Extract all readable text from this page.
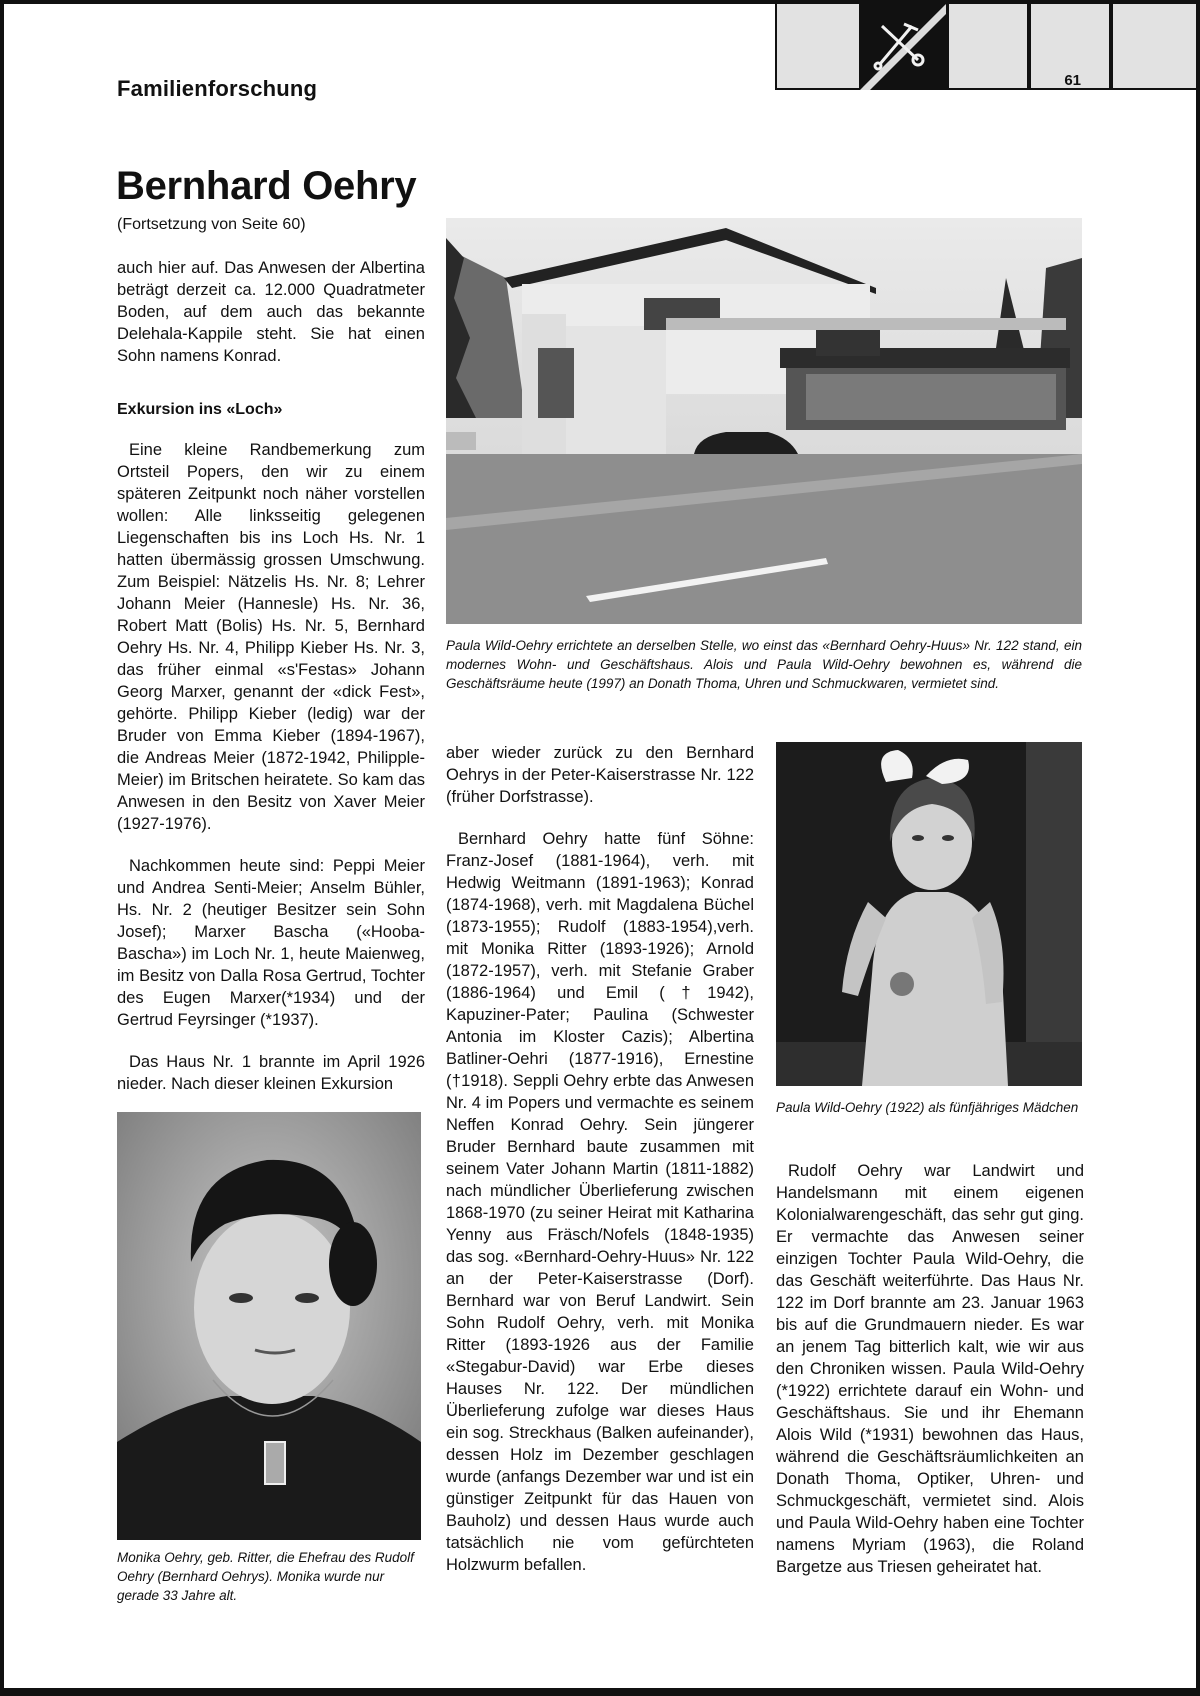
Familienforschung	61
Bernhard Oehry
(Fortsetzung von Seite 60)

auch hier auf. Das Anwesen der Albertina beträgt derzeit ca. 12.000 Quadratmeter Boden, auf dem auch das bekannte Delehala-Kappile steht. Sie hat einen Sohn namens Konrad.

Exkursion ins «Loch»

Eine kleine Randbemerkung zum Ortsteil Popers, den wir zu einem späteren Zeitpunkt noch näher vorstellen wollen: Alle linksseitig gelegenen Liegenschaften bis ins Loch Hs. Nr. 1 hatten übermässig grossen Umschwung. Zum Beispiel: Nätzelis Hs. Nr. 8; Lehrer Johann Meier (Hannesle) Hs. Nr. 36, Robert Matt (Bolis) Hs. Nr. 5, Bernhard Oehry Hs. Nr. 4, Philipp Kieber Hs. Nr. 3, das früher einmal «s'Festas» Johann Georg Marxer, genannt der «dick Fest», gehörte. Philipp Kieber (ledig) war der Bruder von Emma Kieber (1894-1967), die Andreas Meier (1872-1942, Philipple-Meier) im Britschen heiratete. So kam das Anwesen in den Besitz von Xaver Meier (1927-1976).

Nachkommen heute sind: Peppi Meier und Andrea Senti-Meier; Anselm Bühler, Hs. Nr. 2 (heutiger Besitzer sein Sohn Josef); Marxer Bascha («Hooba-Bascha») im Loch Nr. 1, heute Maienweg, im Besitz von Dalla Rosa Gertrud, Tochter des Eugen Marxer(*1934) und der Gertrud Feyrsinger (*1937).

Das Haus Nr. 1 brannte im April 1926 nieder. Nach dieser kleinen Exkursion

Monika Oehry, geb. Ritter, die Ehefrau des Rudolf Oehry (Bernhard Oehrys). Monika wurde nur gerade 33 Jahre alt.
Paula Wild-Oehry errichtete an derselben Stelle, wo einst das «Bernhard Oehry-Huus» Nr. 122 stand, ein modernes Wohn- und Geschäftshaus. Alois und Paula Wild-Oehry bewohnen es, während die Geschäftsräume heute (1997) an Donath Thoma, Uhren und Schmuckwaren, vermietet sind.

aber wieder zurück zu den Bernhard Oehrys in der Peter-Kaiserstrasse Nr. 122 (früher Dorfstrasse).

Bernhard Oehry hatte fünf Söhne: Franz-Josef (1881-1964), verh. mit Hedwig Weitmann (1891-1963); Konrad (1874-1968), verh. mit Magdalena Büchel (1873-1955); Rudolf (1883-1954),verh. mit Monika Ritter (1893-1926); Arnold (1872-1957), verh. mit Stefanie Graber (1886-1964) und Emil (†1942), Kapuziner-Pater; Paulina (Schwester Antonia im Kloster Cazis); Albertina Batliner-Oehri (1877-1916), Ernestine (†1918). Seppli Oehry erbte das Anwesen Nr. 4 im Popers und vermachte es seinem Neffen Konrad Oehry. Sein jüngerer Bruder Bernhard baute zusammen mit seinem Vater Johann Martin (1811-1882) nach mündlicher Überlieferung zwischen 1868-1970 (zu seiner Heirat mit Katharina Yenny aus Fräsch/Nofels (1848-1935) das sog. «Bernhard-Oehry-Huus» Nr. 122 an der Peter-Kaiserstrasse (Dorf). Bernhard war von Beruf Landwirt. Sein Sohn Rudolf Oehry, verh. mit Monika Ritter (1893-1926 aus der Familie «Stegabur-David) war Erbe dieses Hauses Nr. 122. Der mündlichen Überlieferung zufolge war dieses Haus ein sog. Streckhaus (Balken aufeinander), dessen Holz im Dezember geschlagen wurde (anfangs Dezember war und ist ein günstiger Zeitpunkt für das Hauen von Bauholz) und dessen Haus wurde auch tatsächlich nie vom gefürchteten Holzwurm befallen.

Paula Wild-Oehry (1922) als fünfjähriges Mädchen

Rudolf Oehry war Landwirt und Handelsmann mit einem eigenen Kolonialwarengeschäft, das sehr gut ging. Er vermachte das Anwesen seiner einzigen Tochter Paula Wild-Oehry, die das Geschäft weiterführte. Das Haus Nr. 122 im Dorf brannte am 23. Januar 1963 bis auf die Grundmauern nieder. Es war an jenem Tag bitterlich kalt, wie wir aus den Chroniken wissen. Paula Wild-Oehry (*1922) errichtete darauf ein Wohn- und Geschäftshaus. Sie und ihr Ehemann Alois Wild (*1931) bewohnen das Haus, während die Geschäftsräumlichkeiten an Donath Thoma, Optiker, Uhren- und Schmuckgeschäft, vermietet sind. Alois und Paula Wild-Oehry haben eine Tochter namens Myriam (1963), die Roland Bargetze aus Triesen geheiratet hat.
